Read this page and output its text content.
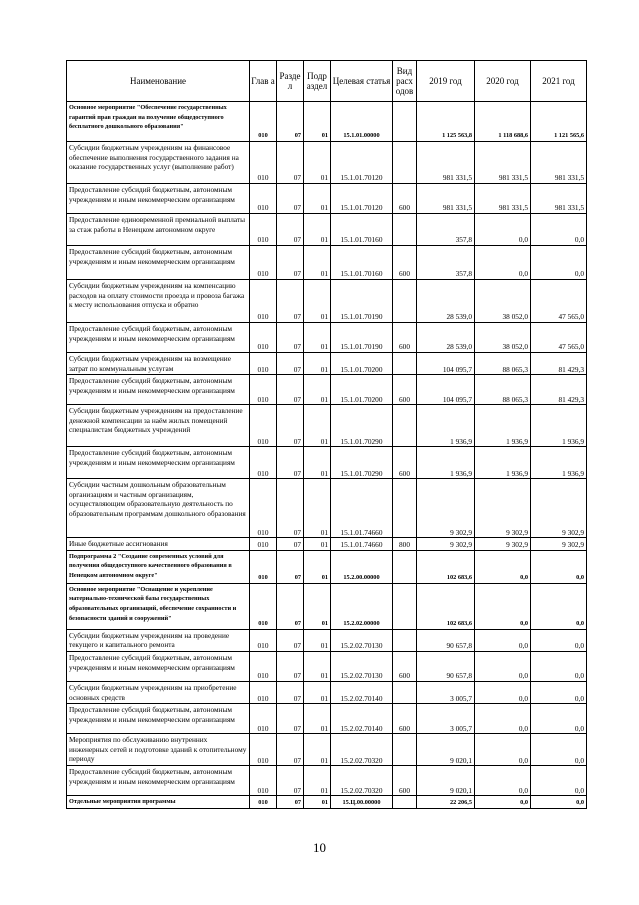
Наименование	Глав а	Разде л	Подр аздел	Целевая статья	Вид расх одов	2019 год	2020 год	2021 год
Основное мероприятие "Обеспечение государственных гарантий прав граждан на получение общедоступного бесплатного дошкольного образования"	010	07	01	15.1.01.00000		1 125 563,8	1 118 688,6	1 121 565,6
Субсидии бюджетным учреждениям на финансовое обеспечение выполнения государственного задания на оказание государственных услуг (выполнение работ)	010	07	01	15.1.01.70120		981 331,5	981 331,5	981 331,5
Предоставление субсидий бюджетным, автономным учреждениям и иным некоммерческим организациям	010	07	01	15.1.01.70120	600	981 331,5	981 331,5	981 331,5
Предоставление единовременной премиальной выплаты за стаж работы в Ненецком автономном округе	010	07	01	15.1.01.70160		357,8	0,0	0,0
Предоставление субсидий бюджетным, автономным учреждениям и иным некоммерческим организациям	010	07	01	15.1.01.70160	600	357,8	0,0	0,0
Субсидии бюджетным учреждениям на компенсацию расходов на оплату стоимости проезда и провоза багажа к месту использования отпуска и обратно	010	07	01	15.1.01.70190		28 539,0	38 052,0	47 565,0
Предоставление субсидий бюджетным, автономным учреждениям и иным некоммерческим организациям	010	07	01	15.1.01.70190	600	28 539,0	38 052,0	47 565,0
Субсидии бюджетным учреждениям на возмещение затрат по коммунальным услугам	010	07	01	15.1.01.70200		104 095,7	88 065,3	81 429,3
Предоставление субсидий бюджетным, автономным учреждениям и иным некоммерческим организациям	010	07	01	15.1.01.70200	600	104 095,7	88 065,3	81 429,3
Субсидии бюджетным учреждениям на предоставление денежной компенсации за наём жилых помещений специалистам бюджетных учреждений	010	07	01	15.1.01.70290		1 936,9	1 936,9	1 936,9
Предоставление субсидий бюджетным, автономным учреждениям и иным некоммерческим организациям	010	07	01	15.1.01.70290	600	1 936,9	1 936,9	1 936,9
Субсидии частным дошкольным образовательным организациям и частным организациям, осуществляющим образовательную деятельность по образовательным программам дошкольного образования	010	07	01	15.1.01.74660		9 302,9	9 302,9	9 302,9
Иные бюджетные ассигнования	010	07	01	15.1.01.74660	800	9 302,9	9 302,9	9 302,9
Подпрограмма 2 "Создание современных условий для получения общедоступного качественного образования в Ненецком автономном округе"	010	07	01	15.2.00.00000		102 683,6	0,0	0,0
Основное мероприятие "Оснащение и укрепление материально-технической базы государственных образовательных организаций, обеспечение сохранности и безопасности зданий и сооружений"	010	07	01	15.2.02.00000		102 683,6	0,0	0,0
Субсидии бюджетным учреждениям на проведение текущего и капитального ремонта	010	07	01	15.2.02.70130		90 657,8	0,0	0,0
Предоставление субсидий бюджетным, автономным учреждениям и иным некоммерческим организациям	010	07	01	15.2.02.70130	600	90 657,8	0,0	0,0
Субсидии бюджетным учреждениям на приобретение основных средств	010	07	01	15.2.02.70140		3 005,7	0,0	0,0
Предоставление субсидий бюджетным, автономным учреждениям и иным некоммерческим организациям	010	07	01	15.2.02.70140	600	3 005,7	0,0	0,0
Мероприятия по обслуживанию внутренних инженерных сетей и подготовке зданий к отопительному периоду	010	07	01	15.2.02.70320		9 020,1	0,0	0,0
Предоставление субсидий бюджетным, автономным учреждениям и иным некоммерческим организациям	010	07	01	15.2.02.70320	600	9 020,1	0,0	0,0
Отдельные мероприятия программы	010	07	01	15.Ц.00.00000		22 206,5	0,0	0,0
10
